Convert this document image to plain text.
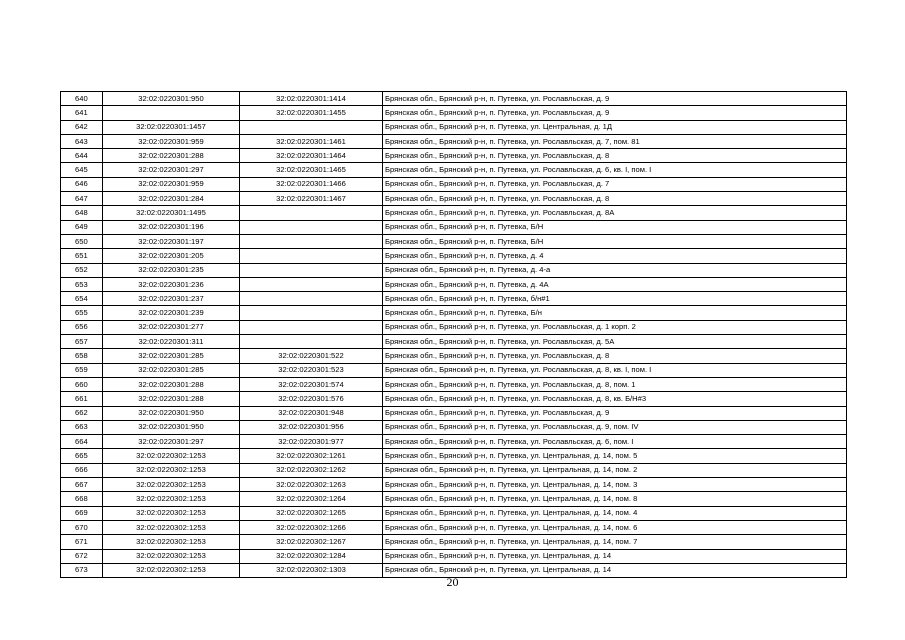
640	32:02:0220301:950	32:02:0220301:1414	Брянская обл., Брянский р-н, п. Путевка, ул. Рославльская, д. 9
641		32:02:0220301:1455	Брянская обл., Брянский р-н, п. Путевка, ул. Рославльская, д. 9
642	32:02:0220301:1457		Брянская обл., Брянский р-н, п. Путевка, ул. Центральная, д. 1Д
643	32:02:0220301:959	32:02:0220301:1461	Брянская обл., Брянский р-н, п. Путевка, ул. Рославльская, д. 7, пом. 81
644	32:02:0220301:288	32:02:0220301:1464	Брянская обл., Брянский р-н, п. Путевка, ул. Рославльская, д. 8
645	32:02:0220301:297	32:02:0220301:1465	Брянская обл., Брянский р-н, п. Путевка, ул. Рославльская, д. 6, кв. I, пом. I
646	32:02:0220301:959	32:02:0220301:1466	Брянская обл., Брянский р-н, п. Путевка, ул. Рославльская, д. 7
647	32:02:0220301:284	32:02:0220301:1467	Брянская обл., Брянский р-н, п. Путевка, ул. Рославльская, д. 8
648	32:02:0220301:1495		Брянская обл., Брянский р-н, п. Путевка, ул. Рославльская, д. 8А
649	32:02:0220301:196		Брянская обл., Брянский р-н, п. Путевка, Б/Н
650	32:02:0220301:197		Брянская обл., Брянский р-н, п. Путевка, Б/Н
651	32:02:0220301:205		Брянская обл., Брянский р-н, п. Путевка, д. 4
652	32:02:0220301:235		Брянская обл., Брянский р-н, п. Путевка, д. 4-а
653	32:02:0220301:236		Брянская обл., Брянский р-н, п. Путевка, д. 4А
654	32:02:0220301:237		Брянская обл., Брянский р-н, п. Путевка, б/н#1
655	32:02:0220301:239		Брянская обл., Брянский р-н, п. Путевка, Б/н
656	32:02:0220301:277		Брянская обл., Брянский р-н, п. Путевка, ул. Рославльская, д. 1 корп. 2
657	32:02:0220301:311		Брянская обл., Брянский р-н, п. Путевка, ул. Рославльская, д. 5А
658	32:02:0220301:285	32:02:0220301:522	Брянская обл., Брянский р-н, п. Путевка, ул. Рославльская, д. 8
659	32:02:0220301:285	32:02:0220301:523	Брянская обл., Брянский р-н, п. Путевка, ул. Рославльская, д. 8, кв. I, пом. I
660	32:02:0220301:288	32:02:0220301:574	Брянская обл., Брянский р-н, п. Путевка, ул. Рославльская, д. 8, пом. 1
661	32:02:0220301:288	32:02:0220301:576	Брянская обл., Брянский р-н, п. Путевка, ул. Рославльская, д. 8, кв. Б/Н#3
662	32:02:0220301:950	32:02:0220301:948	Брянская обл., Брянский р-н, п. Путевка, ул. Рославльская, д. 9
663	32:02:0220301:950	32:02:0220301:956	Брянская обл., Брянский р-н, п. Путевка, ул. Рославльская, д. 9, пом. IV
664	32:02:0220301:297	32:02:0220301:977	Брянская обл., Брянский р-н, п. Путевка, ул. Рославльская, д. 6, пом. I
665	32:02:0220302:1253	32:02:0220302:1261	Брянская обл., Брянский р-н, п. Путевка, ул. Центральная, д. 14, пом. 5
666	32:02:0220302:1253	32:02:0220302:1262	Брянская обл., Брянский р-н, п. Путевка, ул. Центральная, д. 14, пом. 2
667	32:02:0220302:1253	32:02:0220302:1263	Брянская обл., Брянский р-н, п. Путевка, ул. Центральная, д. 14, пом. 3
668	32:02:0220302:1253	32:02:0220302:1264	Брянская обл., Брянский р-н, п. Путевка, ул. Центральная, д. 14, пом. 8
669	32:02:0220302:1253	32:02:0220302:1265	Брянская обл., Брянский р-н, п. Путевка, ул. Центральная, д. 14, пом. 4
670	32:02:0220302:1253	32:02:0220302:1266	Брянская обл., Брянский р-н, п. Путевка, ул. Центральная, д. 14, пом. 6
671	32:02:0220302:1253	32:02:0220302:1267	Брянская обл., Брянский р-н, п. Путевка, ул. Центральная, д. 14, пом. 7
672	32:02:0220302:1253	32:02:0220302:1284	Брянская обл., Брянский р-н, п. Путевка, ул. Центральная, д. 14
673	32:02:0220302:1253	32:02:0220302:1303	Брянская обл., Брянский р-н, п. Путевка, ул. Центральная, д. 14
20
